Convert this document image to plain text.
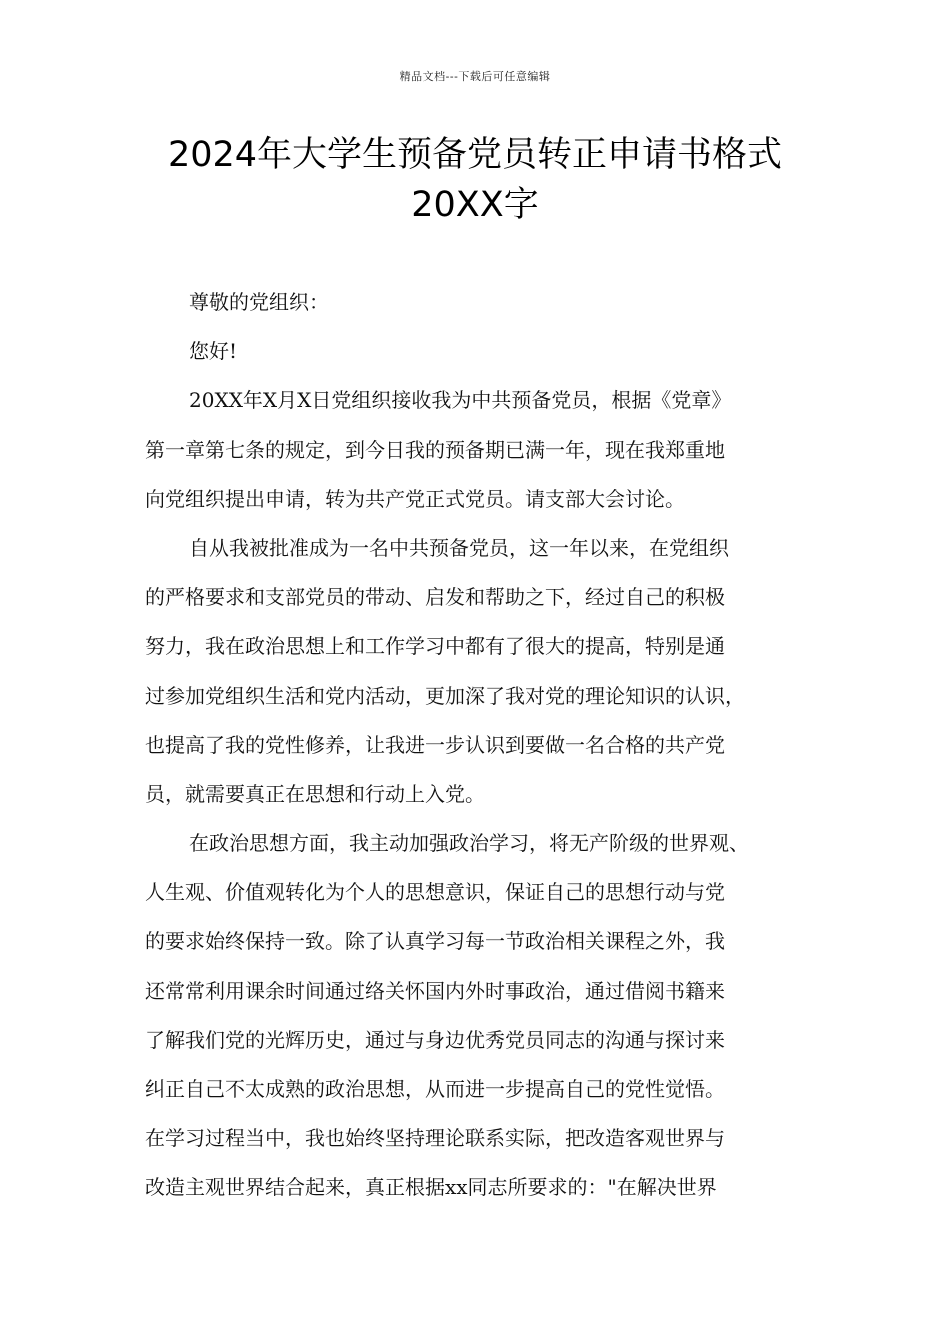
精品文档---下载后可任意编辑
2024年大学生预备党员转正申请书格式
20XX字
尊敬的党组织：
您好!
20XX年X月X日党组织接收我为中共预备党员，根据《党章》
第一章第七条的规定，到今日我的预备期已满一年，现在我郑重地
向党组织提出申请，转为共产党正式党员。请支部大会讨论。
自从我被批准成为一名中共预备党员，这一年以来，在党组织
的严格要求和支部党员的带动、启发和帮助之下，经过自己的积极
努力，我在政治思想上和工作学习中都有了很大的提高，特别是通
过参加党组织生活和党内活动，更加深了我对党的理论知识的认识，
也提高了我的党性修养，让我进一步认识到要做一名合格的共产党
员，就需要真正在思想和行动上入党。
在政治思想方面，我主动加强政治学习，将无产阶级的世界观、
人生观、价值观转化为个人的思想意识，保证自己的思想行动与党
的要求始终保持一致。除了认真学习每一节政治相关课程之外，我
还常常利用课余时间通过络关怀国内外时事政治，通过借阅书籍来
了解我们党的光辉历史，通过与身边优秀党员同志的沟通与探讨来
纠正自己不太成熟的政治思想，从而进一步提高自己的党性觉悟。
在学习过程当中，我也始终坚持理论联系实际，把改造客观世界与
改造主观世界结合起来，真正根据xx同志所要求的："在解决世界
